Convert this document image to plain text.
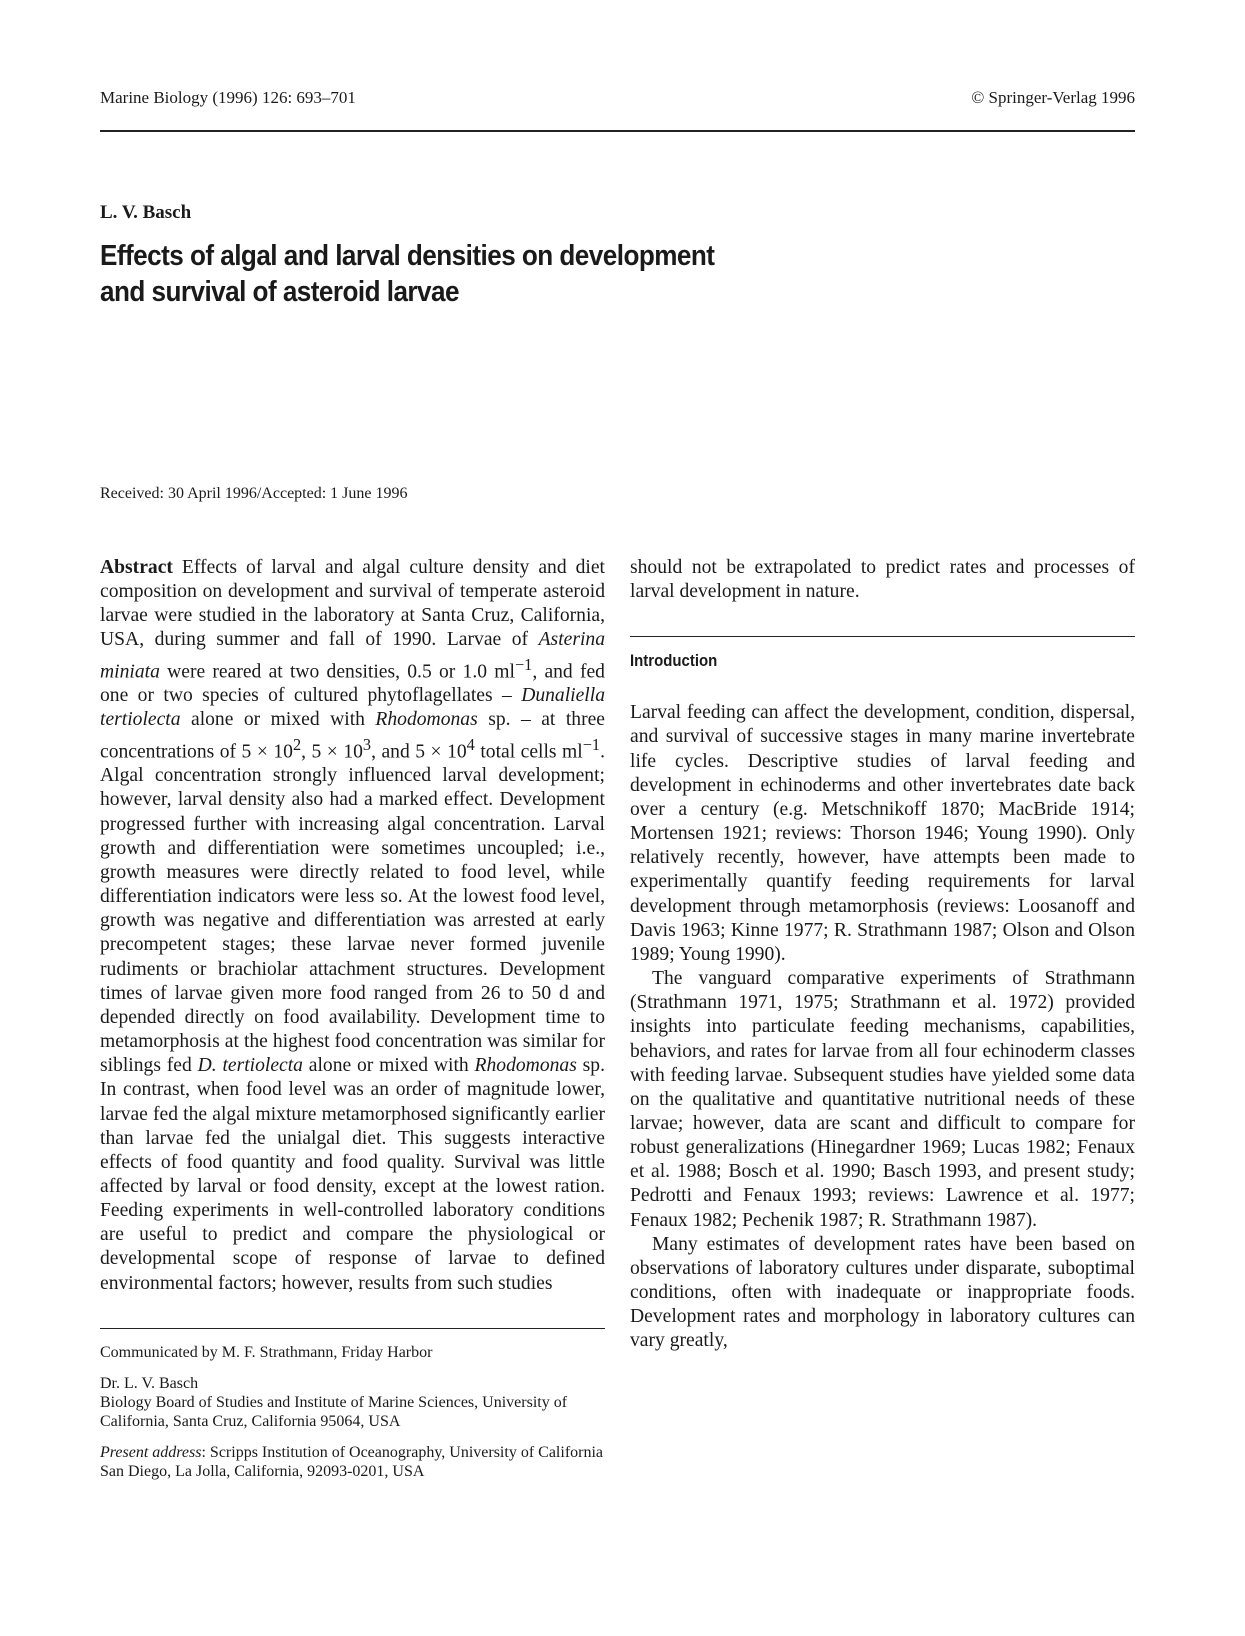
Marine Biology (1996) 126: 693–701	© Springer-Verlag 1996
L. V. Basch
Effects of algal and larval densities on development
and survival of asteroid larvae
Received: 30 April 1996/Accepted: 1 June 1996

Abstract Effects of larval and algal culture density and diet composition on development and survival of temperate asteroid larvae were studied in the laboratory at Santa Cruz, California, USA, during summer and fall of 1990. Larvae of Asterina miniata were reared at two densities, 0.5 or 1.0 $ml^{-1}$, and fed one or two species of cultured phytoflagellates – Dunaliella tertiolecta alone or mixed with Rhodomonas sp. – at three concentrations of $5 \times 10^2$, $5 \times 10^3$, and $5 \times 10^4$ total cells $ml^{-1}$. Algal concentration strongly influenced larval development; however, larval density also had a marked effect. Development progressed further with increasing algal concentration. Larval growth and differentiation were sometimes uncoupled; i.e., growth measures were directly related to food level, while differentiation indicators were less so. At the lowest food level, growth was negative and differentiation was arrested at early precompetent stages; these larvae never formed juvenile rudiments or brachiolar attachment structures. Development times of larvae given more food ranged from 26 to 50 d and depended directly on food availability. Development time to metamorphosis at the highest food concentration was similar for siblings fed D. tertiolecta alone or mixed with Rhodomonas sp. In contrast, when food level was an order of magnitude lower, larvae fed the algal mixture metamorphosed significantly earlier than larvae fed the unialgal diet. This suggests interactive effects of food quantity and food quality. Survival was little affected by larval or food density, except at the lowest ration. Feeding experiments in well-controlled laboratory conditions are useful to predict and compare the physiological or developmental scope of response of larvae to defined environmental factors; however, results from such studies

Communicated by M. F. Strathmann, Friday Harbor

Dr. L. V. Basch
Biology Board of Studies and Institute of Marine Sciences, University of California, Santa Cruz, California 95064, USA

Present address: Scripps Institution of Oceanography, University of California San Diego, La Jolla, California, 92093-0201, USA

should not be extrapolated to predict rates and processes of larval development in nature.

Introduction

Larval feeding can affect the development, condition, dispersal, and survival of successive stages in many marine invertebrate life cycles. Descriptive studies of larval feeding and development in echinoderms and other invertebrates date back over a century (e.g. Metschnikoff 1870; MacBride 1914; Mortensen 1921; reviews: Thorson 1946; Young 1990). Only relatively recently, however, have attempts been made to experimentally quantify feeding requirements for larval development through metamorphosis (reviews: Loosanoff and Davis 1963; Kinne 1977; R. Strathmann 1987; Olson and Olson 1989; Young 1990).

The vanguard comparative experiments of Strathmann (Strathmann 1971, 1975; Strathmann et al. 1972) provided insights into particulate feeding mechanisms, capabilities, behaviors, and rates for larvae from all four echinoderm classes with feeding larvae. Subsequent studies have yielded some data on the qualitative and quantitative nutritional needs of these larvae; however, data are scant and difficult to compare for robust generalizations (Hinegardner 1969; Lucas 1982; Fenaux et al. 1988; Bosch et al. 1990; Basch 1993, and present study; Pedrotti and Fenaux 1993; reviews: Lawrence et al. 1977; Fenaux 1982; Pechenik 1987; R. Strathmann 1987).

Many estimates of development rates have been based on observations of laboratory cultures under disparate, suboptimal conditions, often with inadequate or inappropriate foods. Development rates and morphology in laboratory cultures can vary greatly,
